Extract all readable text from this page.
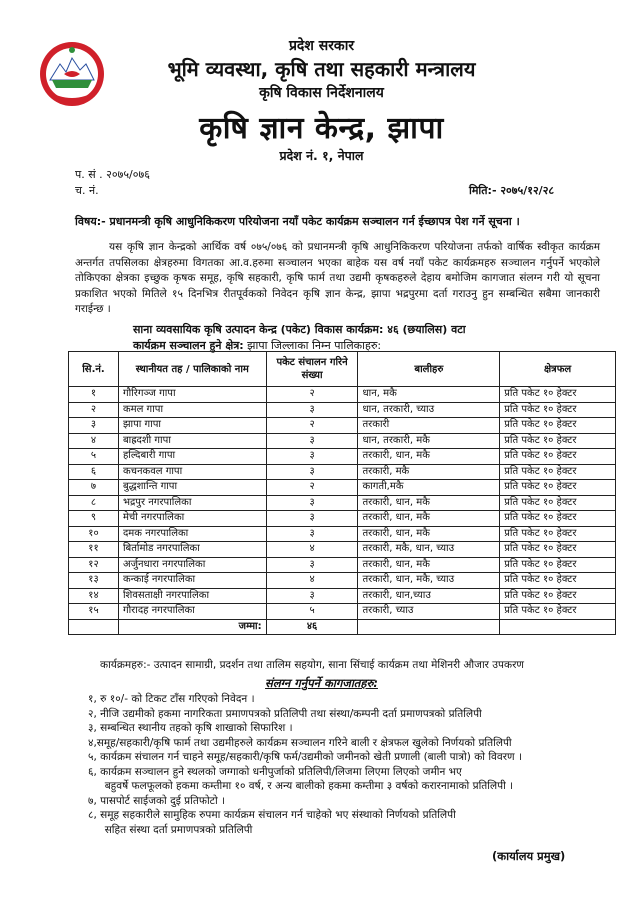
प्रदेश सरकार
भूमि व्यवस्था, कृषि तथा सहकारी मन्त्रालय
कृषि विकास निर्देशनालय
कृषि ज्ञान केन्द्र, झापा
प्रदेश नं. १, नेपाल
प. सं . २०७५/०७६
च. नं.	मिति:- २०७५/१२/२८
विषय:- प्रधानमन्त्री कृषि आधुनिकिकरण परियोजना नयाँ पकेट कार्यक्रम सञ्चालन गर्न ईच्छापत्र पेश गर्ने सूचना ।
यस कृषि ज्ञान केन्द्रको आर्थिक वर्ष ०७५/०७६ को प्रधानमन्त्री कृषि आधुनिकिकरण परियोजना तर्फको वार्षिक स्वीकृत कार्यक्रम अन्तर्गत तपसिलका क्षेत्रहरुमा विगतका आ.व.हरुमा सञ्चालन भएका बाहेक यस वर्ष नयाँ पकेट कार्यक्रमहरु सञ्चालन गर्नुपर्ने भएकोले तोकिएका क्षेत्रका इच्छुक कृषक समूह, कृषि सहकारी, कृषि फार्म तथा उद्यमी कृषकहरुले देहाय बमोजिम कागजात संलग्न गरी यो सूचना प्रकाशित भएको मितिले १५ दिनभित्र रीतपूर्वकको निवेदन कृषि ज्ञान केन्द्र, झापा भद्रपुरमा दर्ता गराउनु हुन सम्बन्धित सबैमा जानकारी गराईन्छ ।
साना व्यवसायिक कृषि उत्पादन केन्द्र (पकेट) विकास कार्यक्रम: ४६ (छयालिस) वटा
कार्यक्रम सञ्चालन हुने क्षेत्र: झापा जिल्लाका निम्न पालिकाहरु:
सि.नं.	स्थानीयत तह / पालिकाको नाम	पकेट संचालन गरिने संख्या	बालीहरु	क्षेत्रफल
१	गौरिगञ्ज गापा	२	धान, मकै	प्रति पकेट १० हेक्टर
२	कमल गापा	३	धान, तरकारी, च्याउ	प्रति पकेट १० हेक्टर
३	झापा गापा	२	तरकारी	प्रति पकेट १० हेक्टर
४	बाह्रदशी गापा	३	धान, तरकारी, मकै	प्रति पकेट १० हेक्टर
५	हल्दिबारी गापा	३	तरकारी, धान, मकै	प्रति पकेट १० हेक्टर
६	कचनकवल गापा	३	तरकारी, मकै	प्रति पकेट १० हेक्टर
७	बुद्धशान्ति गापा	२	कागती,मकै	प्रति पकेट १० हेक्टर
८	भद्रपुर नगरपालिका	३	तरकारी, धान, मकै	प्रति पकेट १० हेक्टर
९	मेची नगरपालिका	३	तरकारी, धान, मकै	प्रति पकेट १० हेक्टर
१०	दमक नगरपालिका	३	तरकारी, धान, मकै	प्रति पकेट १० हेक्टर
११	बिर्तामोड नगरपालिका	४	तरकारी, मकै, धान, च्याउ	प्रति पकेट १० हेक्टर
१२	अर्जुनधारा नगरपालिका	३	तरकारी, धान, मकै	प्रति पकेट १० हेक्टर
१३	कन्काई नगरपालिका	४	तरकारी, धान, मकै, च्याउ	प्रति पकेट १० हेक्टर
१४	शिवसताक्षी नगरपालिका	३	तरकारी, धान,च्याउ	प्रति पकेट १० हेक्टर
१५	गौरादह नगरपालिका	५	तरकारी, च्याउ	प्रति पकेट १० हेक्टर
	जम्मा:	४६		
कार्यक्रमहरु:- उत्पादन सामाग्री, प्रदर्शन तथा तालिम सहयोग, साना सिंचाई कार्यक्रम तथा मेशिनरी औजार उपकरण
संलग्न गर्नुपर्ने कागजातहरु:
१, रु १०/- को टिकट टाँस गरिएको निवेदन ।
२, नीजि उद्यमीको हकमा नागरिकता प्रमाणपत्रको प्रतिलिपी तथा संस्था/कम्पनी दर्ता प्रमाणपत्रको प्रतिलिपी
३, सम्बन्धित स्थानीय तहको कृषि शाखाको सिफारिश ।
४,समूह/सहकारी/कृषि फार्म तथा उद्यमीहरुले कार्यक्रम सञ्चालन गरिने बाली र क्षेत्रफल खुलेको निर्णयको प्रतिलिपी
५, कार्यक्रम संचालन गर्न चाहने समूह/सहकारी/कृषि फर्म/उद्यमीको जमीनको खेती प्रणाली (बाली पात्रो) को विवरण ।
६, कार्यक्रम सञ्चालन हुने स्थलको जग्गाको धनीपुर्जाको प्रतिलिपी/लिजमा लिएमा लिएको जमीन भए
बहुवर्षे फलफूलको हकमा कम्तीमा १० वर्ष, र अन्य बालीको हकमा कम्तीमा ३ वर्षको करारनामाको प्रतिलिपी ।
७, पासपोर्ट साईजको दुई प्रतिफोटो ।
८, समूह सहकारीले सामुहिक रुपमा कार्यक्रम संचालन गर्न चाहेको भए संस्थाको निर्णयको प्रतिलिपी
सहित संस्था दर्ता प्रमाणपत्रको प्रतिलिपी
(कार्यालय प्रमुख)
